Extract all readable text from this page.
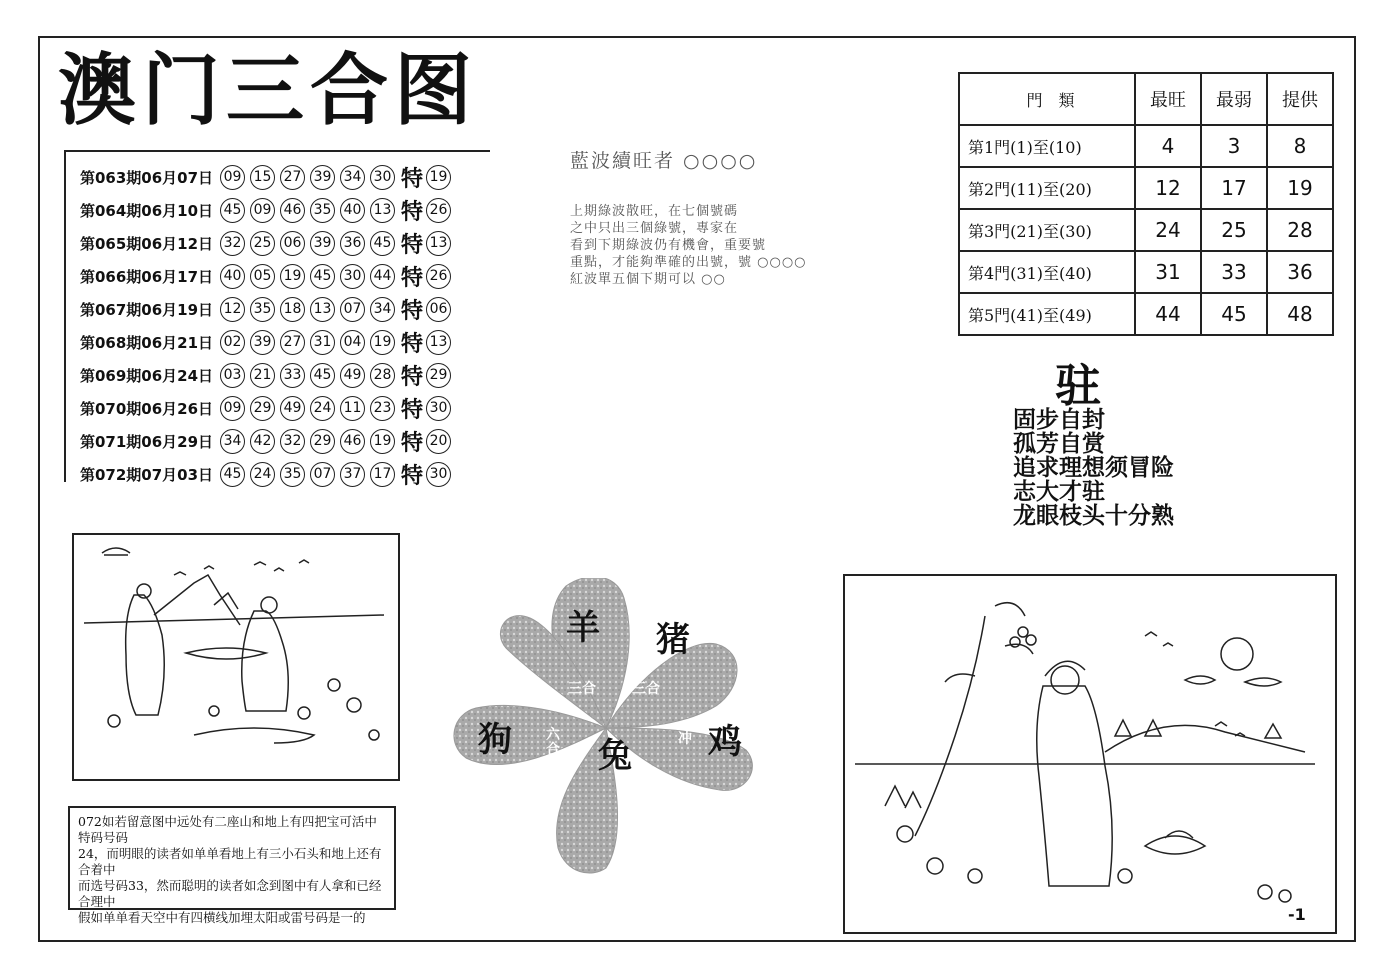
澳门三合图
第063期06月07日 09 15 27 39 34 30 特 19
第064期06月10日 45 09 46 35 40 13 特 26
第065期06月12日 32 25 06 39 36 45 特 13
第066期06月17日 40 05 19 45 30 44 特 26
第067期06月19日 12 35 18 13 07 34 特 06
第068期06月21日 02 39 27 31 04 19 特 13
第069期06月24日 03 21 33 45 49 28 特 29
第070期06月26日 09 29 49 24 11 23 特 30
第071期06月29日 34 42 32 29 46 19 特 20
第072期07月03日 45 24 35 07 37 17 特 30
藍波續旺者 ○○○○
上期綠波散旺，在七個號碼
之中只出三個綠號，專家在
看到下期綠波仍有機會，重要號
重點，才能夠準確的出號，號 ○○○○
紅波單五個下期可以 ○○
門　類	最旺	最弱	提供
第1門(1)至(10)	4	3	8
第2門(11)至(20)	12	17	19
第3門(21)至(30)	24	25	28
第4門(31)至(40)	31	33	36
第5門(41)至(49)	44	45	48
驻
固步自封
孤芳自赏
追求理想须冒险
志大才驻
龙眼枝头十分熟
羊 猪
狗	兔 鸡
三合	三合
六合
冲
072如若留意图中远处有二座山和地上有四把宝可活中特码号码
24，而明眼的读者如单单看地上有三小石头和地上还有合着中
而选号码33，然而聪明的读者如念到图中有人拿和已经合理中
假如单单看天空中有四横线加埋太阳或雷号码是一的	-1
